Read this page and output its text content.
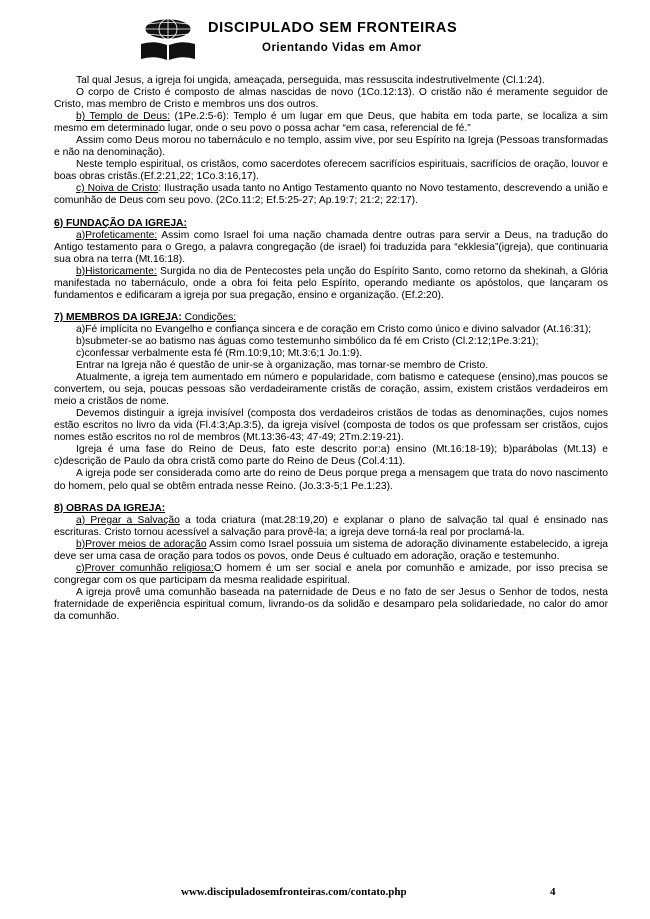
DISCIPULADO SEM FRONTEIRAS
Orientando Vidas em Amor

Tal qual Jesus, a igreja foi ungida, ameaçada, perseguida, mas ressuscita indestrutivelmente (Cl.1:24).

O corpo de Cristo é composto de almas nascidas de novo (1Co.12:13). O cristão não é meramente seguidor de Cristo, mas membro de Cristo e membros uns dos outros.

b) Templo de Deus: (1Pe.2:5-6): Templo é um lugar em que Deus, que habita em toda parte, se localiza a sim mesmo em determinado lugar, onde o seu povo o possa achar “em casa, referencial de fé.”

Assim como Deus morou no tabernáculo e no templo, assim vive, por seu Espírito na Igreja (Pessoas transformadas e não na denominação).

Neste templo espiritual, os cristãos, como sacerdotes oferecem sacrifícios espirituais, sacrifícios de oração, louvor e boas obras cristãs.(Ef.2:21,22; 1Co.3:16,17).

c) Noiva de Cristo: Ilustração usada tanto no Antigo Testamento quanto no Novo testamento, descrevendo a união e comunhão de Deus com seu povo. (2Co.11:2; Ef.5:25-27; Ap.19:7; 21:2; 22:17).

6) FUNDAÇÃO DA IGREJA:

a)Profeticamente: Assim como Israel foi uma nação chamada dentre outras para servir a Deus, na tradução do Antigo testamento para o Grego, a palavra congregação (de israel) foi traduzida para “ekklesia”(igreja), que continuaria sua obra na terra (Mt.16:18).

b)Historicamente: Surgida no dia de Pentecostes pela unção do Espírito Santo, como retorno da shekinah, a Glória manifestada no tabernáculo, onde a obra foi feita pelo Espírito, operando mediante os apóstolos, que lançaram os fundamentos e edificaram a igreja por sua pregação, ensino e organização. (Ef.2:20).

7) MEMBROS DA IGREJA: Condições:

a)Fé implícita no Evangelho e confiança sincera e de coração em Cristo como único e divino salvador (At.16:31);

b)submeter-se ao batismo nas águas como testemunho simbólico da fé em Cristo (Cl.2:12;1Pe.3:21);

c)confessar verbalmente esta fé (Rm.10:9,10; Mt.3:6;1 Jo.1:9).

Entrar na Igreja não é questão de unir-se à organização, mas tornar-se membro de Cristo.

Atualmente, a igreja tem aumentado em número e popularidade, com batismo e catequese (ensino),mas poucos se convertem, ou seja, poucas pessoas são verdadeiramente cristãs de coração, assim, existem cristãos verdadeiros em meio a cristãos de nome.

Devemos distinguir a igreja invisível (composta dos verdadeiros cristãos de todas as denominações, cujos nomes estão escritos no livro da vida (Fl.4:3;Ap.3:5), da igreja visível (composta de todos os que professam ser cristãos, cujos nomes estão escritos no rol de membros (Mt.13:36-43; 47-49; 2Tm.2:19-21).

Igreja é uma fase do Reino de Deus, fato este descrito por:a) ensino (Mt.16:18-19); b)parábolas (Mt.13) e c)descrição de Paulo da obra cristã como parte do Reino de Deus (Col.4:11).

A igreja pode ser considerada como arte do reino de Deus porque prega a mensagem que trata do novo nascimento do homem, pelo qual se obtêm entrada nesse Reino. (Jo.3:3-5;1 Pe.1:23).

8) OBRAS DA IGREJA:

a) Pregar a Salvação a toda criatura (mat.28:19,20) e explanar o plano de salvação tal qual é ensinado nas escrituras. Cristo tornou acessível a salvação para provê-la; a igreja deve torná-la real por proclamá-la.

b)Prover meios de adoração Assim como Israel possuia um sistema de adoração divinamente estabelecido, a igreja deve ser uma casa de oração para todos os povos, onde Deus é cultuado em adoração, oração e testemunho.

c)Prover comunhão religiosa:O homem é um ser social e anela por comunhão e amizade, por isso precisa se congregar com os que participam da mesma realidade espiritual.

A igreja provê uma comunhão baseada na paternidade de Deus e no fato de ser Jesus o Senhor de todos, nesta fraternidade de experiência espiritual comum, livrando-os da solidão e desamparo pela solidariedade, no calor do amor da comunhão.

www.discipuladosemfronteiras.com/contato.php	4
